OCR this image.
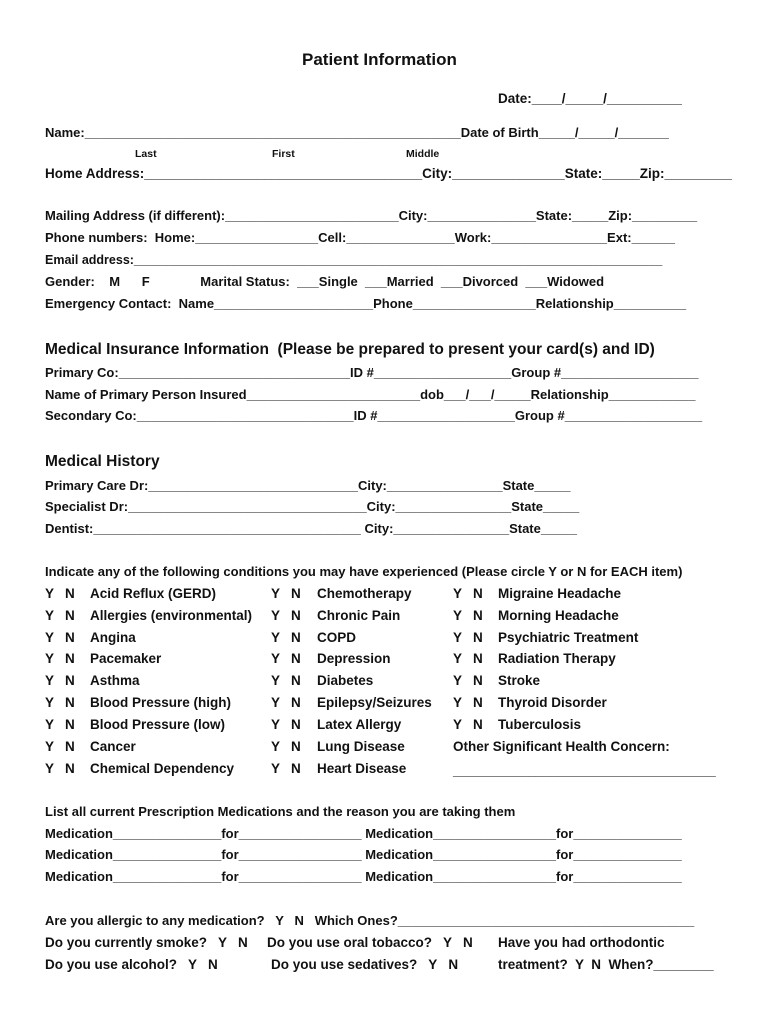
Patient Information
Date:____/_____/__________
Name:____________________________________________________Date of Birth_____/_____/_______
Last	First	Middle
Home Address:_____________________________________City:_______________State:_____Zip:_________
Mailing Address (if different):________________________City:_______________State:_____Zip:_________
Phone numbers:  Home:_________________Cell:_______________Work:________________Ext:______
Email address:____________________________________________________________________________
Gender:    M      F              Marital Status:  ___Single  ___Married  ___Divorced  ___Widowed
Emergency Contact:  Name______________________Phone_________________Relationship__________
Medical Insurance Information  (Please be prepared to present your card(s) and ID)
Primary Co:________________________________ID #___________________Group #___________________
Name of Primary Person Insured________________________dob___/___/_____Relationship____________
Secondary Co:______________________________ID #___________________Group #___________________
Medical History
Primary Care Dr:_____________________________City:________________State_____
Specialist Dr:_________________________________City:________________State_____
Dentist:_____________________________________ City:________________State_____
Indicate any of the following conditions you may have experienced (Please circle Y or N for EACH item)
Y   N Acid Reflux (GERD)	Y   N Chemotherapy	Y   N Migraine Headache
Y   N Allergies (environmental) Y   N Chronic Pain	Y   N Morning Headache
Y   N Angina	Y   N COPD	Y   N Psychiatric Treatment
Y   N Pacemaker	Y   N Depression	Y   N Radiation Therapy
Y   N Asthma	Y   N Diabetes	Y   N Stroke
Y   N Blood Pressure (high)	Y   N Epilepsy/Seizures Y   N Thyroid Disorder
Y   N Blood Pressure (low)	Y   N Latex Allergy	Y   N Tuberculosis
Y   N Cancer	Y   N Lung Disease	Other Significant Health Concern:
Y   N Chemical Dependency	Y   N Heart Disease	___________________________________
List all current Prescription Medications and the reason you are taking them
Medication_______________for_________________ Medication_________________for_______________
Medication_______________for_________________ Medication_________________for_______________
Medication_______________for_________________ Medication_________________for_______________
Are you allergic to any medication?   Y   N   Which Ones?_________________________________________
Do you currently smoke?   Y   N Do you use oral tobacco?   Y   N Have you had orthodontic
Do you use alcohol?   Y   N	Do you use sedatives?   Y   N	treatment?  Y  N  When?________
